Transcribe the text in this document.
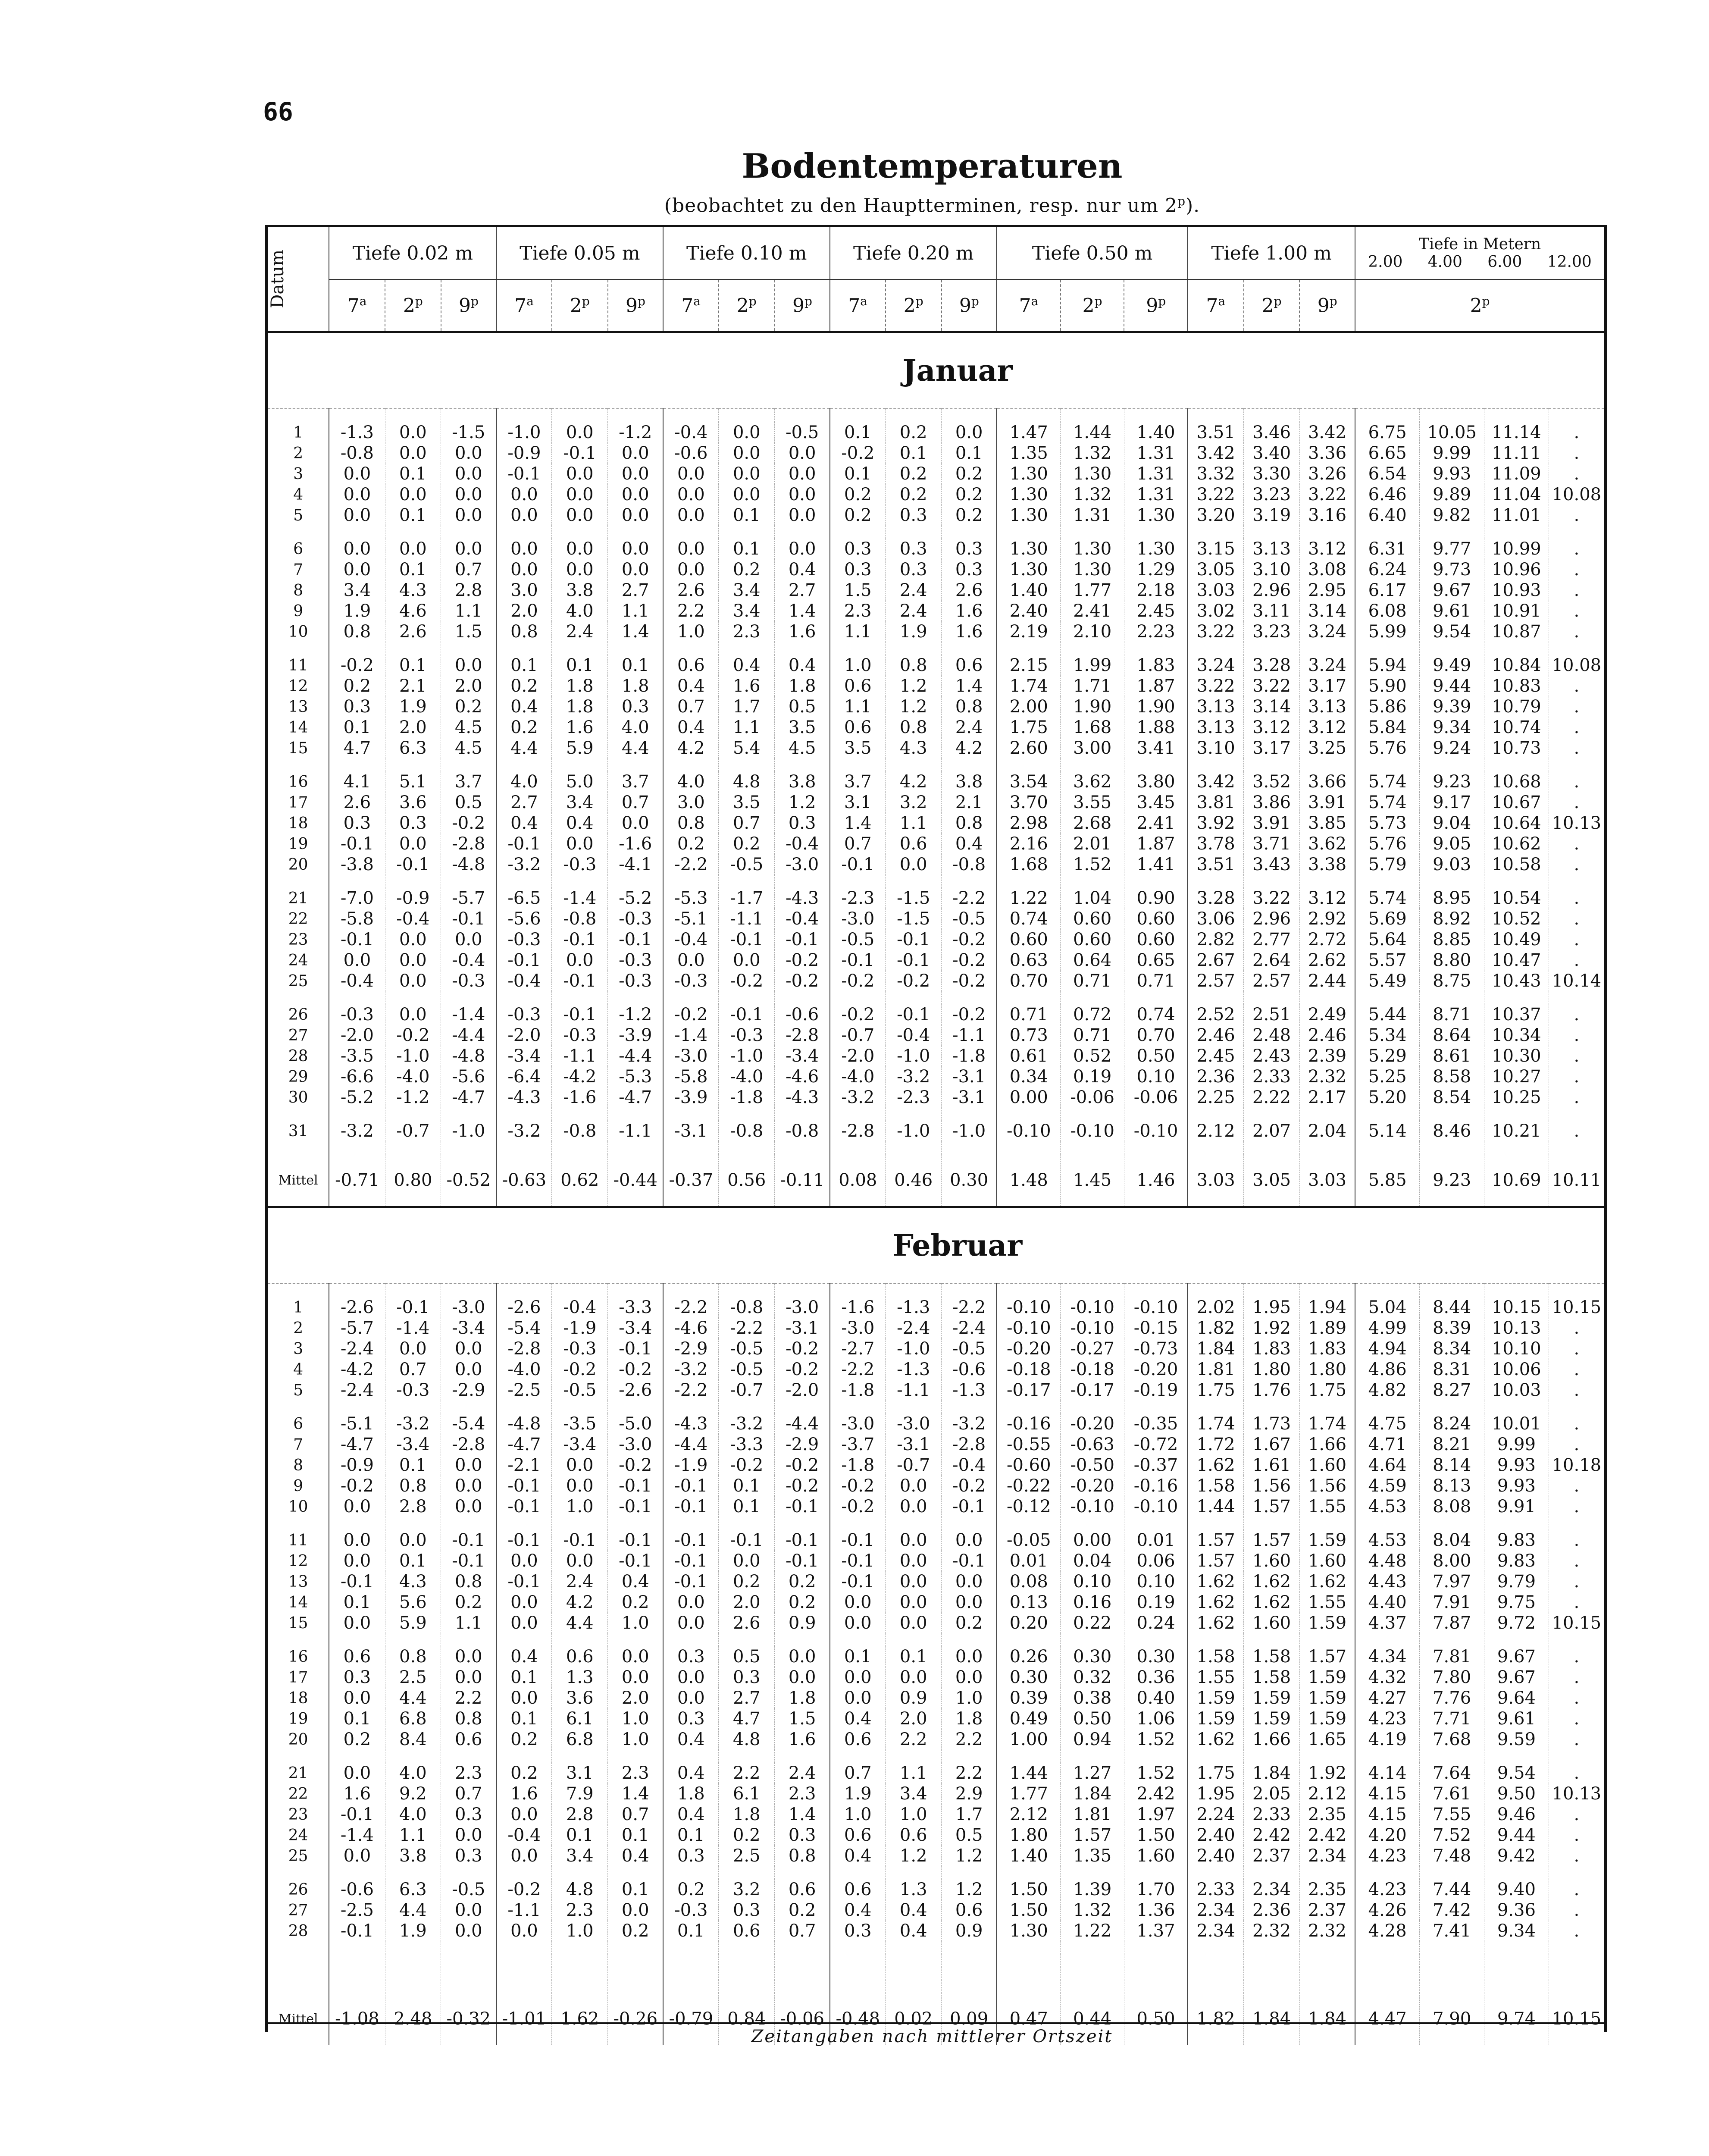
66
Bodentemperaturen
(beobachtet zu den Hauptterminen, resp. nur um 2$^p$).
Datum	Tiefe 0.02 m			Tiefe 0.05 m			Tiefe 0.10 m			Tiefe 0.20 m			Tiefe 0.50 m			Tiefe 1.00 m			Tiefe in Metern
2.00 4.00 6.00 12.00			

	7$^a$	2$^p$	9$^p$	7$^a$	2$^p$	9$^p$	7$^a$	2$^p$	9$^p$	7$^a$	2$^p$	9$^p$	7$^a$	2$^p$	9$^p$	7$^a$	2$^p$	9$^p$	2$^p$
Januar																						

1	-1.3	0.0	-1.5	-1.0	0.0	-1.2	-0.4	0.0	-0.5	0.1	0.2	0.0	1.47	1.44	1.40	3.51	3.46	3.42	6.75	10.05	11.14	.
2	-0.8	0.0	0.0	-0.9	-0.1	0.0	-0.6	0.0	0.0	-0.2	0.1	0.1	1.35	1.32	1.31	3.42	3.40	3.36	6.65	9.99	11.11	.
3	0.0	0.1	0.0	-0.1	0.0	0.0	0.0	0.0	0.0	0.1	0.2	0.2	1.30	1.30	1.31	3.32	3.30	3.26	6.54	9.93	11.09	.
4	0.0	0.0	0.0	0.0	0.0	0.0	0.0	0.0	0.0	0.2	0.2	0.2	1.30	1.32	1.31	3.22	3.23	3.22	6.46	9.89	11.04	10.08
5	0.0	0.1	0.0	0.0	0.0	0.0	0.0	0.1	0.0	0.2	0.3	0.2	1.30	1.31	1.30	3.20	3.19	3.16	6.40	9.82	11.01	.

6	0.0	0.0	0.0	0.0	0.0	0.0	0.0	0.1	0.0	0.3	0.3	0.3	1.30	1.30	1.30	3.15	3.13	3.12	6.31	9.77	10.99	.
7	0.0	0.1	0.7	0.0	0.0	0.0	0.0	0.2	0.4	0.3	0.3	0.3	1.30	1.30	1.29	3.05	3.10	3.08	6.24	9.73	10.96	.
8	3.4	4.3	2.8	3.0	3.8	2.7	2.6	3.4	2.7	1.5	2.4	2.6	1.40	1.77	2.18	3.03	2.96	2.95	6.17	9.67	10.93	.
9	1.9	4.6	1.1	2.0	4.0	1.1	2.2	3.4	1.4	2.3	2.4	1.6	2.40	2.41	2.45	3.02	3.11	3.14	6.08	9.61	10.91	.
10	0.8	2.6	1.5	0.8	2.4	1.4	1.0	2.3	1.6	1.1	1.9	1.6	2.19	2.10	2.23	3.22	3.23	3.24	5.99	9.54	10.87	.

11	-0.2	0.1	0.0	0.1	0.1	0.1	0.6	0.4	0.4	1.0	0.8	0.6	2.15	1.99	1.83	3.24	3.28	3.24	5.94	9.49	10.84	10.08
12	0.2	2.1	2.0	0.2	1.8	1.8	0.4	1.6	1.8	0.6	1.2	1.4	1.74	1.71	1.87	3.22	3.22	3.17	5.90	9.44	10.83	.
13	0.3	1.9	0.2	0.4	1.8	0.3	0.7	1.7	0.5	1.1	1.2	0.8	2.00	1.90	1.90	3.13	3.14	3.13	5.86	9.39	10.79	.
14	0.1	2.0	4.5	0.2	1.6	4.0	0.4	1.1	3.5	0.6	0.8	2.4	1.75	1.68	1.88	3.13	3.12	3.12	5.84	9.34	10.74	.
15	4.7	6.3	4.5	4.4	5.9	4.4	4.2	5.4	4.5	3.5	4.3	4.2	2.60	3.00	3.41	3.10	3.17	3.25	5.76	9.24	10.73	.

16	4.1	5.1	3.7	4.0	5.0	3.7	4.0	4.8	3.8	3.7	4.2	3.8	3.54	3.62	3.80	3.42	3.52	3.66	5.74	9.23	10.68	.
17	2.6	3.6	0.5	2.7	3.4	0.7	3.0	3.5	1.2	3.1	3.2	2.1	3.70	3.55	3.45	3.81	3.86	3.91	5.74	9.17	10.67	.
18	0.3	0.3	-0.2	0.4	0.4	0.0	0.8	0.7	0.3	1.4	1.1	0.8	2.98	2.68	2.41	3.92	3.91	3.85	5.73	9.04	10.64	10.13
19	-0.1	0.0	-2.8	-0.1	0.0	-1.6	0.2	0.2	-0.4	0.7	0.6	0.4	2.16	2.01	1.87	3.78	3.71	3.62	5.76	9.05	10.62	.
20	-3.8	-0.1	-4.8	-3.2	-0.3	-4.1	-2.2	-0.5	-3.0	-0.1	0.0	-0.8	1.68	1.52	1.41	3.51	3.43	3.38	5.79	9.03	10.58	.

21	-7.0	-0.9	-5.7	-6.5	-1.4	-5.2	-5.3	-1.7	-4.3	-2.3	-1.5	-2.2	1.22	1.04	0.90	3.28	3.22	3.12	5.74	8.95	10.54	.
22	-5.8	-0.4	-0.1	-5.6	-0.8	-0.3	-5.1	-1.1	-0.4	-3.0	-1.5	-0.5	0.74	0.60	0.60	3.06	2.96	2.92	5.69	8.92	10.52	.
23	-0.1	0.0	0.0	-0.3	-0.1	-0.1	-0.4	-0.1	-0.1	-0.5	-0.1	-0.2	0.60	0.60	0.60	2.82	2.77	2.72	5.64	8.85	10.49	.
24	0.0	0.0	-0.4	-0.1	0.0	-0.3	0.0	0.0	-0.2	-0.1	-0.1	-0.2	0.63	0.64	0.65	2.67	2.64	2.62	5.57	8.80	10.47	.
25	-0.4	0.0	-0.3	-0.4	-0.1	-0.3	-0.3	-0.2	-0.2	-0.2	-0.2	-0.2	0.70	0.71	0.71	2.57	2.57	2.44	5.49	8.75	10.43	10.14

26	-0.3	0.0	-1.4	-0.3	-0.1	-1.2	-0.2	-0.1	-0.6	-0.2	-0.1	-0.2	0.71	0.72	0.74	2.52	2.51	2.49	5.44	8.71	10.37	.
27	-2.0	-0.2	-4.4	-2.0	-0.3	-3.9	-1.4	-0.3	-2.8	-0.7	-0.4	-1.1	0.73	0.71	0.70	2.46	2.48	2.46	5.34	8.64	10.34	.
28	-3.5	-1.0	-4.8	-3.4	-1.1	-4.4	-3.0	-1.0	-3.4	-2.0	-1.0	-1.8	0.61	0.52	0.50	2.45	2.43	2.39	5.29	8.61	10.30	.
29	-6.6	-4.0	-5.6	-6.4	-4.2	-5.3	-5.8	-4.0	-4.6	-4.0	-3.2	-3.1	0.34	0.19	0.10	2.36	2.33	2.32	5.25	8.58	10.27	.
30	-5.2	-1.2	-4.7	-4.3	-1.6	-4.7	-3.9	-1.8	-4.3	-3.2	-2.3	-3.1	0.00	-0.06	-0.06	2.25	2.22	2.17	5.20	8.54	10.25	.

31	-3.2	-0.7	-1.0	-3.2	-0.8	-1.1	-3.1	-0.8	-0.8	-2.8	-1.0	-1.0	-0.10	-0.10	-0.10	2.12	2.07	2.04	5.14	8.46	10.21	.

Mittel	-0.71	0.80	-0.52	-0.63	0.62	-0.44	-0.37	0.56	-0.11	0.08	0.46	0.30	1.48	1.45	1.46	3.03	3.05	3.03	5.85	9.23	10.69	10.11
Februar																						

1	-2.6	-0.1	-3.0	-2.6	-0.4	-3.3	-2.2	-0.8	-3.0	-1.6	-1.3	-2.2	-0.10	-0.10	-0.10	2.02	1.95	1.94	5.04	8.44	10.15	10.15
2	-5.7	-1.4	-3.4	-5.4	-1.9	-3.4	-4.6	-2.2	-3.1	-3.0	-2.4	-2.4	-0.10	-0.10	-0.15	1.82	1.92	1.89	4.99	8.39	10.13	.
3	-2.4	0.0	0.0	-2.8	-0.3	-0.1	-2.9	-0.5	-0.2	-2.7	-1.0	-0.5	-0.20	-0.27	-0.73	1.84	1.83	1.83	4.94	8.34	10.10	.
4	-4.2	0.7	0.0	-4.0	-0.2	-0.2	-3.2	-0.5	-0.2	-2.2	-1.3	-0.6	-0.18	-0.18	-0.20	1.81	1.80	1.80	4.86	8.31	10.06	.
5	-2.4	-0.3	-2.9	-2.5	-0.5	-2.6	-2.2	-0.7	-2.0	-1.8	-1.1	-1.3	-0.17	-0.17	-0.19	1.75	1.76	1.75	4.82	8.27	10.03	.

6	-5.1	-3.2	-5.4	-4.8	-3.5	-5.0	-4.3	-3.2	-4.4	-3.0	-3.0	-3.2	-0.16	-0.20	-0.35	1.74	1.73	1.74	4.75	8.24	10.01	.
7	-4.7	-3.4	-2.8	-4.7	-3.4	-3.0	-4.4	-3.3	-2.9	-3.7	-3.1	-2.8	-0.55	-0.63	-0.72	1.72	1.67	1.66	4.71	8.21	9.99	.
8	-0.9	0.1	0.0	-2.1	0.0	-0.2	-1.9	-0.2	-0.2	-1.8	-0.7	-0.4	-0.60	-0.50	-0.37	1.62	1.61	1.60	4.64	8.14	9.93	10.18
9	-0.2	0.8	0.0	-0.1	0.0	-0.1	-0.1	0.1	-0.2	-0.2	0.0	-0.2	-0.22	-0.20	-0.16	1.58	1.56	1.56	4.59	8.13	9.93	.
10	0.0	2.8	0.0	-0.1	1.0	-0.1	-0.1	0.1	-0.1	-0.2	0.0	-0.1	-0.12	-0.10	-0.10	1.44	1.57	1.55	4.53	8.08	9.91	.

11	0.0	0.0	-0.1	-0.1	-0.1	-0.1	-0.1	-0.1	-0.1	-0.1	0.0	0.0	-0.05	0.00	0.01	1.57	1.57	1.59	4.53	8.04	9.83	.
12	0.0	0.1	-0.1	0.0	0.0	-0.1	-0.1	0.0	-0.1	-0.1	0.0	-0.1	0.01	0.04	0.06	1.57	1.60	1.60	4.48	8.00	9.83	.
13	-0.1	4.3	0.8	-0.1	2.4	0.4	-0.1	0.2	0.2	-0.1	0.0	0.0	0.08	0.10	0.10	1.62	1.62	1.62	4.43	7.97	9.79	.
14	0.1	5.6	0.2	0.0	4.2	0.2	0.0	2.0	0.2	0.0	0.0	0.0	0.13	0.16	0.19	1.62	1.62	1.55	4.40	7.91	9.75	.
15	0.0	5.9	1.1	0.0	4.4	1.0	0.0	2.6	0.9	0.0	0.0	0.2	0.20	0.22	0.24	1.62	1.60	1.59	4.37	7.87	9.72	10.15

16	0.6	0.8	0.0	0.4	0.6	0.0	0.3	0.5	0.0	0.1	0.1	0.0	0.26	0.30	0.30	1.58	1.58	1.57	4.34	7.81	9.67	.
17	0.3	2.5	0.0	0.1	1.3	0.0	0.0	0.3	0.0	0.0	0.0	0.0	0.30	0.32	0.36	1.55	1.58	1.59	4.32	7.80	9.67	.
18	0.0	4.4	2.2	0.0	3.6	2.0	0.0	2.7	1.8	0.0	0.9	1.0	0.39	0.38	0.40	1.59	1.59	1.59	4.27	7.76	9.64	.
19	0.1	6.8	0.8	0.1	6.1	1.0	0.3	4.7	1.5	0.4	2.0	1.8	0.49	0.50	1.06	1.59	1.59	1.59	4.23	7.71	9.61	.
20	0.2	8.4	0.6	0.2	6.8	1.0	0.4	4.8	1.6	0.6	2.2	2.2	1.00	0.94	1.52	1.62	1.66	1.65	4.19	7.68	9.59	.

21	0.0	4.0	2.3	0.2	3.1	2.3	0.4	2.2	2.4	0.7	1.1	2.2	1.44	1.27	1.52	1.75	1.84	1.92	4.14	7.64	9.54	.
22	1.6	9.2	0.7	1.6	7.9	1.4	1.8	6.1	2.3	1.9	3.4	2.9	1.77	1.84	2.42	1.95	2.05	2.12	4.15	7.61	9.50	10.13
23	-0.1	4.0	0.3	0.0	2.8	0.7	0.4	1.8	1.4	1.0	1.0	1.7	2.12	1.81	1.97	2.24	2.33	2.35	4.15	7.55	9.46	.
24	-1.4	1.1	0.0	-0.4	0.1	0.1	0.1	0.2	0.3	0.6	0.6	0.5	1.80	1.57	1.50	2.40	2.42	2.42	4.20	7.52	9.44	.
25	0.0	3.8	0.3	0.0	3.4	0.4	0.3	2.5	0.8	0.4	1.2	1.2	1.40	1.35	1.60	2.40	2.37	2.34	4.23	7.48	9.42	.

26	-0.6	6.3	-0.5	-0.2	4.8	0.1	0.2	3.2	0.6	0.6	1.3	1.2	1.50	1.39	1.70	2.33	2.34	2.35	4.23	7.44	9.40	.
27	-2.5	4.4	0.0	-1.1	2.3	0.0	-0.3	0.3	0.2	0.4	0.4	0.6	1.50	1.32	1.36	2.34	2.36	2.37	4.26	7.42	9.36	.
28	-0.1	1.9	0.0	0.0	1.0	0.2	0.1	0.6	0.7	0.3	0.4	0.9	1.30	1.22	1.37	2.34	2.32	2.32	4.28	7.41	9.34	.

Mittel	-1.08	2.48	-0.32	-1.01	1.62	-0.26	-0.79	0.84	-0.06	-0.48	0.02	0.09	0.47	0.44	0.50	1.82	1.84	1.84	4.47	7.90	9.74	10.15
Zeitangaben nach mittlerer Ortszeit
